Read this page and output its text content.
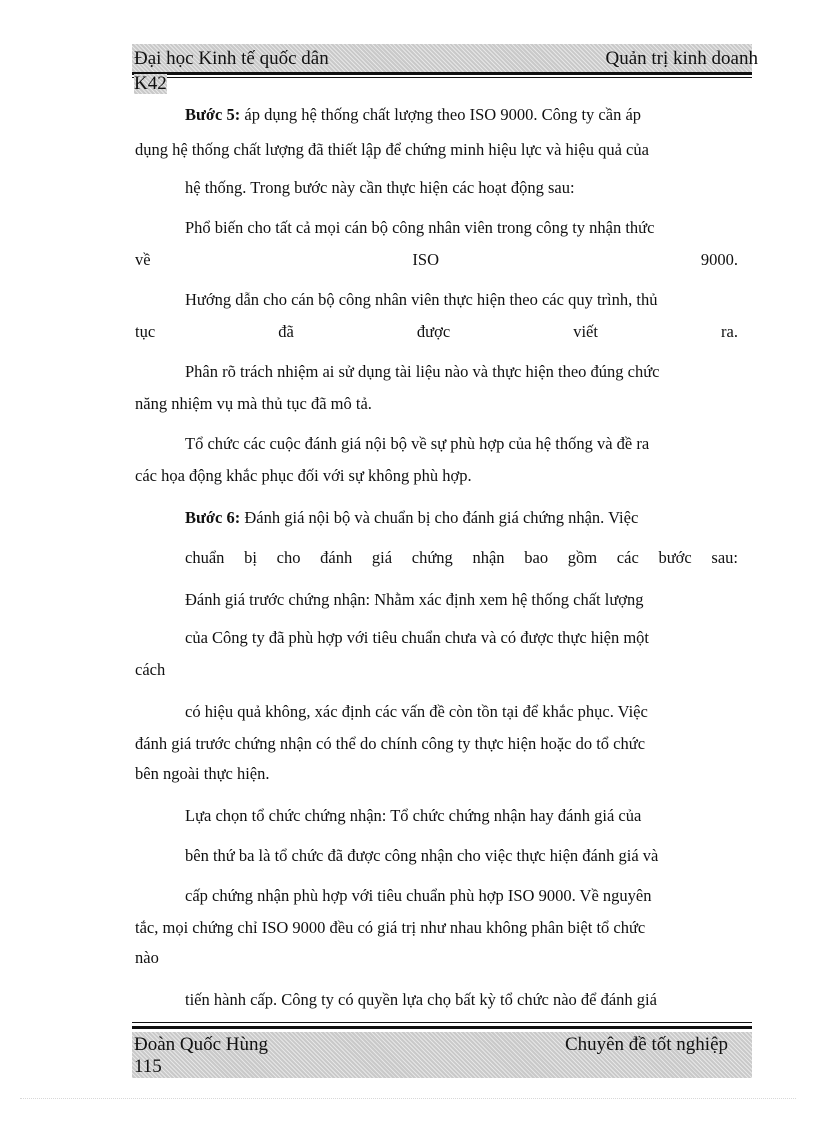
Đại học Kinh tế quốc dân	Quản trị kinh doanh
K42
Bước 5: áp dụng hệ thống chất lượng theo ISO 9000. Công ty cần áp
dụng hệ thống chất lượng đã thiết lập để chứng minh hiệu lực và hiệu quả của
hệ thống. Trong bước này cần thực hiện các hoạt động sau:
Phổ biến cho tất cả mọi cán bộ công nhân viên trong công ty nhận thức
về ISO 9000.
Hướng dẫn cho cán bộ công nhân viên thực hiện theo các quy trình, thủ
tục đã được viết ra.
Phân rõ trách nhiệm ai sử dụng tài liệu nào và thực hiện theo đúng chức
năng nhiệm vụ mà thủ tục đã mô tả.
Tổ chức các cuộc đánh giá nội bộ về sự phù hợp của hệ thống và đề ra
các họa động khắc phục đối với sự không phù hợp.
Bước 6: Đánh giá nội bộ và chuẩn bị cho đánh giá chứng nhận. Việc
chuẩn bị cho đánh giá chứng nhận bao gồm các bước sau:
Đánh giá trước chứng nhận: Nhằm xác định xem hệ thống chất lượng
của Công ty đã phù hợp với tiêu chuẩn chưa và có được thực hiện một
cách
có hiệu quả không, xác định các vấn đề còn tồn tại để khắc phục. Việc
đánh giá trước chứng nhận có thể do chính công ty thực hiện hoặc do tổ chức
bên ngoài thực hiện.
Lựa chọn tổ chức chứng nhận: Tổ chức chứng nhận hay đánh giá của
bên thứ ba là tổ chức đã được công nhận cho việc thực hiện đánh giá và
cấp chứng nhận phù hợp với tiêu chuẩn phù hợp ISO 9000. Về nguyên
tắc, mọi chứng chỉ ISO 9000 đều có giá trị như nhau không phân biệt tổ chức
nào
tiến hành cấp. Công ty có quyền lựa chọ bất kỳ tổ chức nào để đánh giá
Đoàn Quốc Hùng	Chuyên đề tốt nghiệp
115
